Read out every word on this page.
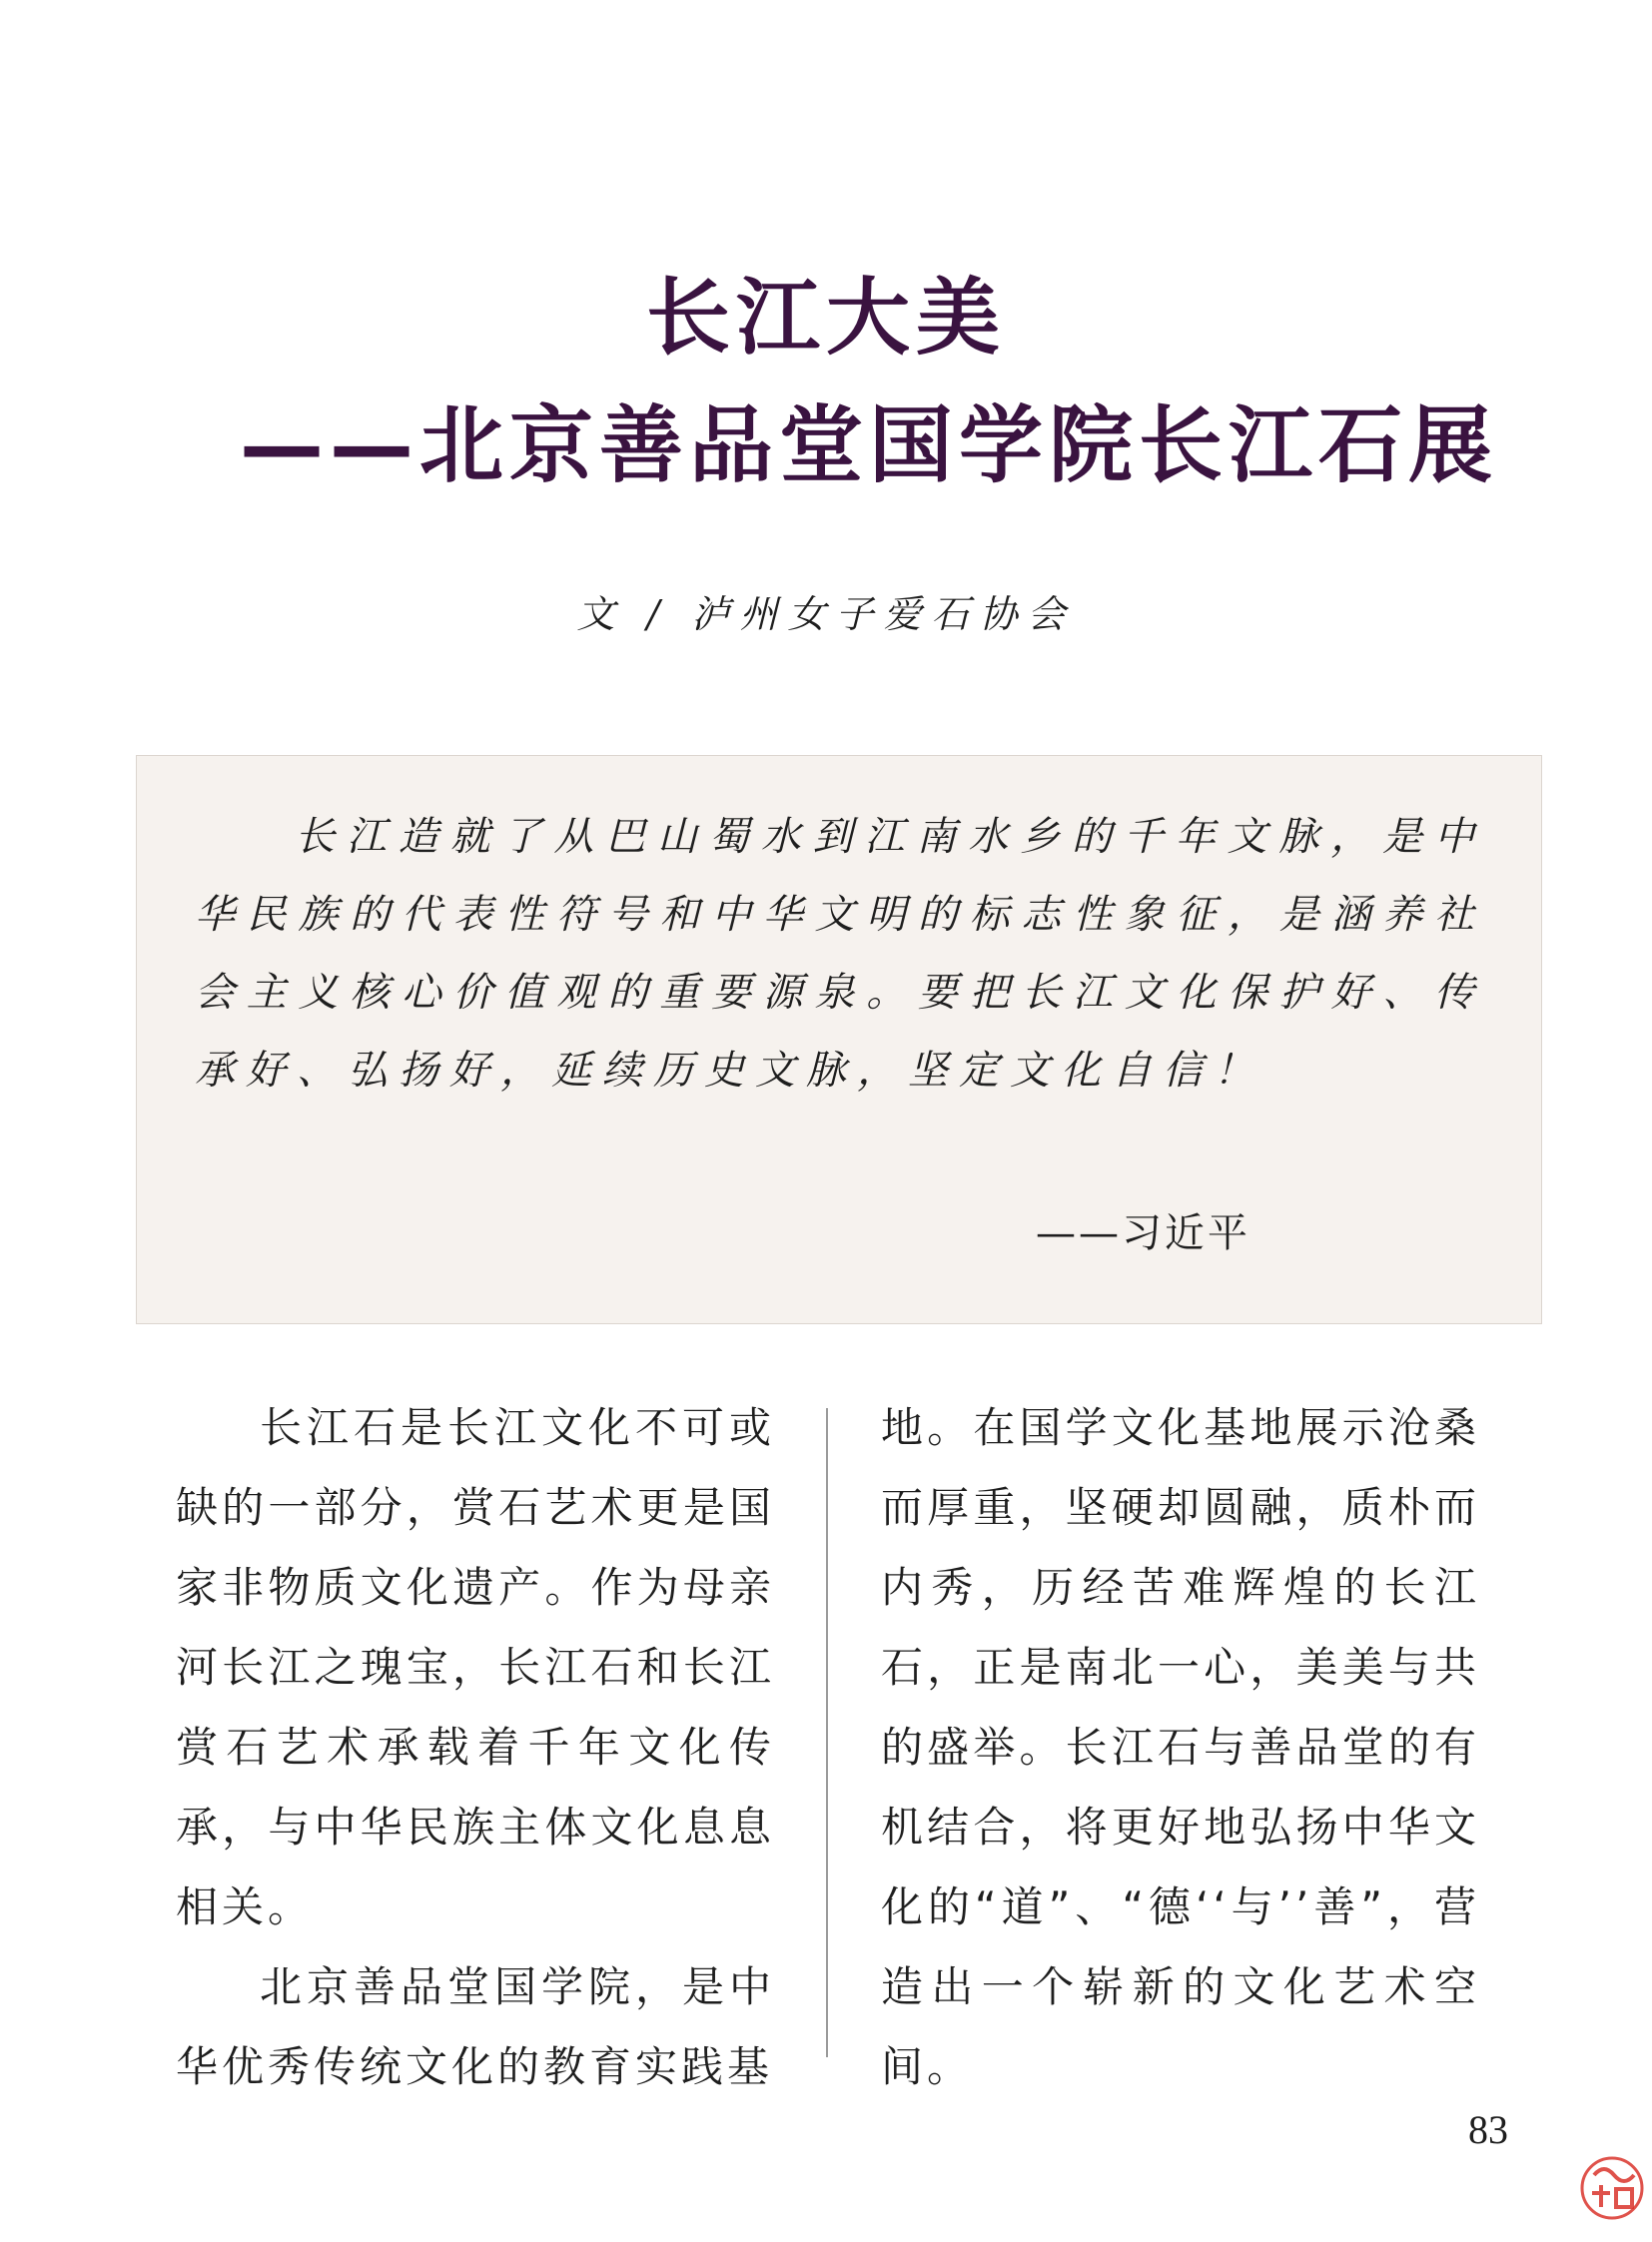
长江大美
——北京善品堂国学院长江石展
文 / 泸州女子爱石协会
长江造就了从巴山蜀水到江南水乡的千年文脉，是中华民族的代表性符号和中华文明的标志性象征，是涵养社会主义核心价值观的重要源泉。要把长江文化保护好、传承好、弘扬好，延续历史文脉，坚定文化自信！
——习近平

长江石是长江文化不可或缺的一部分，赏石艺术更是国家非物质文化遗产。作为母亲河长江之瑰宝，长江石和长江赏石艺术承载着千年文化传承，与中华民族主体文化息息相关。

北京善品堂国学院，是中华优秀传统文化的教育实践基

地。在国学文化基地展示沧桑而厚重，坚硬却圆融，质朴而内秀，历经苦难辉煌的长江石，正是南北一心，美美与共的盛举。长江石与善品堂的有机结合，将更好地弘扬中华文化的“道”、“德‘‘与’’善”，营造出一个崭新的文化艺术空间。

83
